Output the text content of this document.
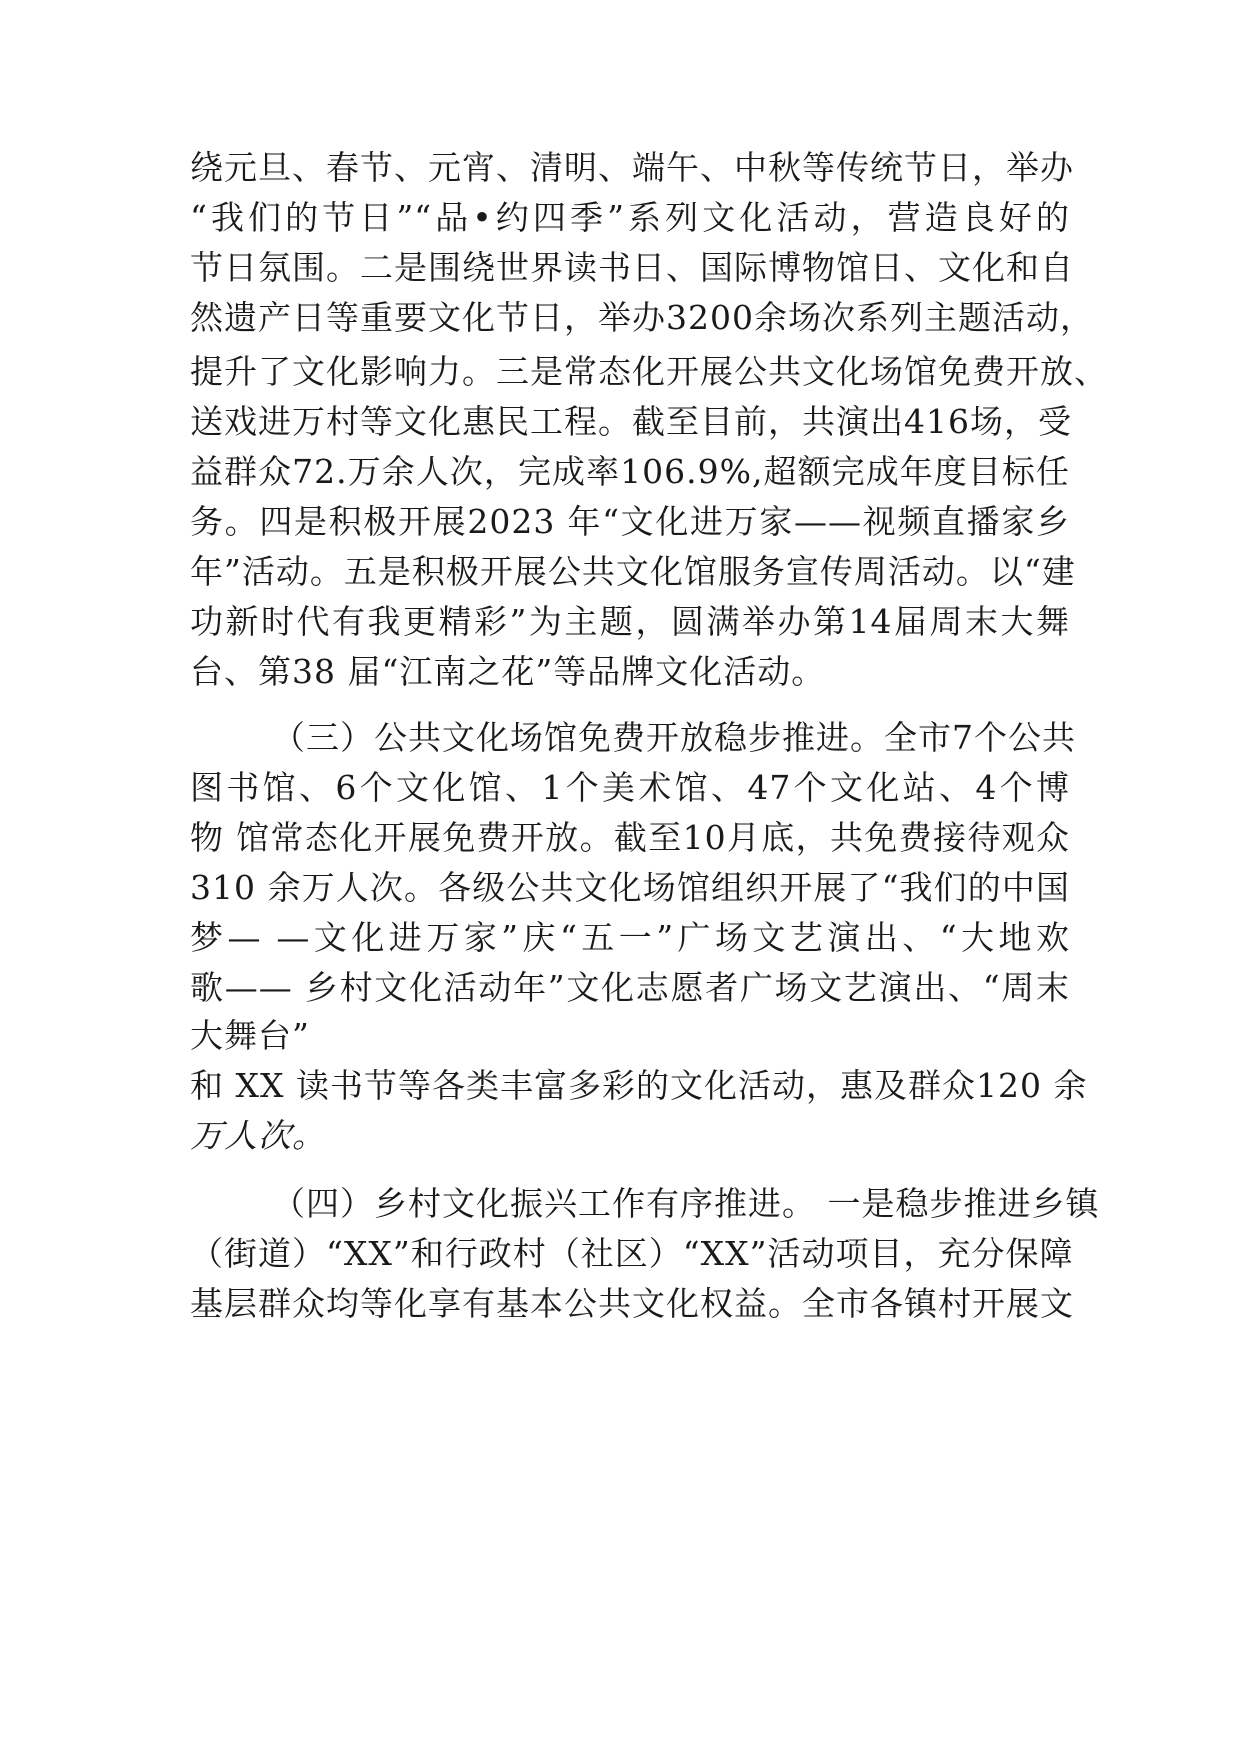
绕元旦、春节、元宵、清明、端午、中秋等传统节日，举办
“我们的节日”“品•约四季”系列文化活动，营造良好的
节日氛围。二是围绕世界读书日、国际博物馆日、文化和自
然遗产日等重要文化节日，举办3200余场次系列主题活动，
提升了文化影响力。三是常态化开展公共文化场馆免费开放、
送戏进万村等文化惠民工程。截至目前，共演出416场，受
益群众72.万余人次，完成率106.9%,超额完成年度目标任
务。四是积极开展2023 年“文化进万家——视频直播家乡
年”活动。五是积极开展公共文化馆服务宣传周活动。以“建
功新时代有我更精彩”为主题，圆满举办第14届周末大舞
台、第38 届“江南之花”等品牌文化活动。
（三）公共文化场馆免费开放稳步推进。全市7个公共
图书馆、6个文化馆、1个美术馆、47个文化站、4个博
物 馆常态化开展免费开放。截至10月底，共免费接待观众
310 余万人次。各级公共文化场馆组织开展了“我们的中国
梦— —文化进万家”庆“五一”广场文艺演出、“大地欢
歌—— 乡村文化活动年”文化志愿者广场文艺演出、“周末
大舞台”
和 XX 读书节等各类丰富多彩的文化活动，惠及群众120 余
万人次。
（四）乡村文化振兴工作有序推进。 一是稳步推进乡镇
（街道）“XX”和行政村（社区）“XX”活动项目，充分保障
基层群众均等化享有基本公共文化权益。全市各镇村开展文
